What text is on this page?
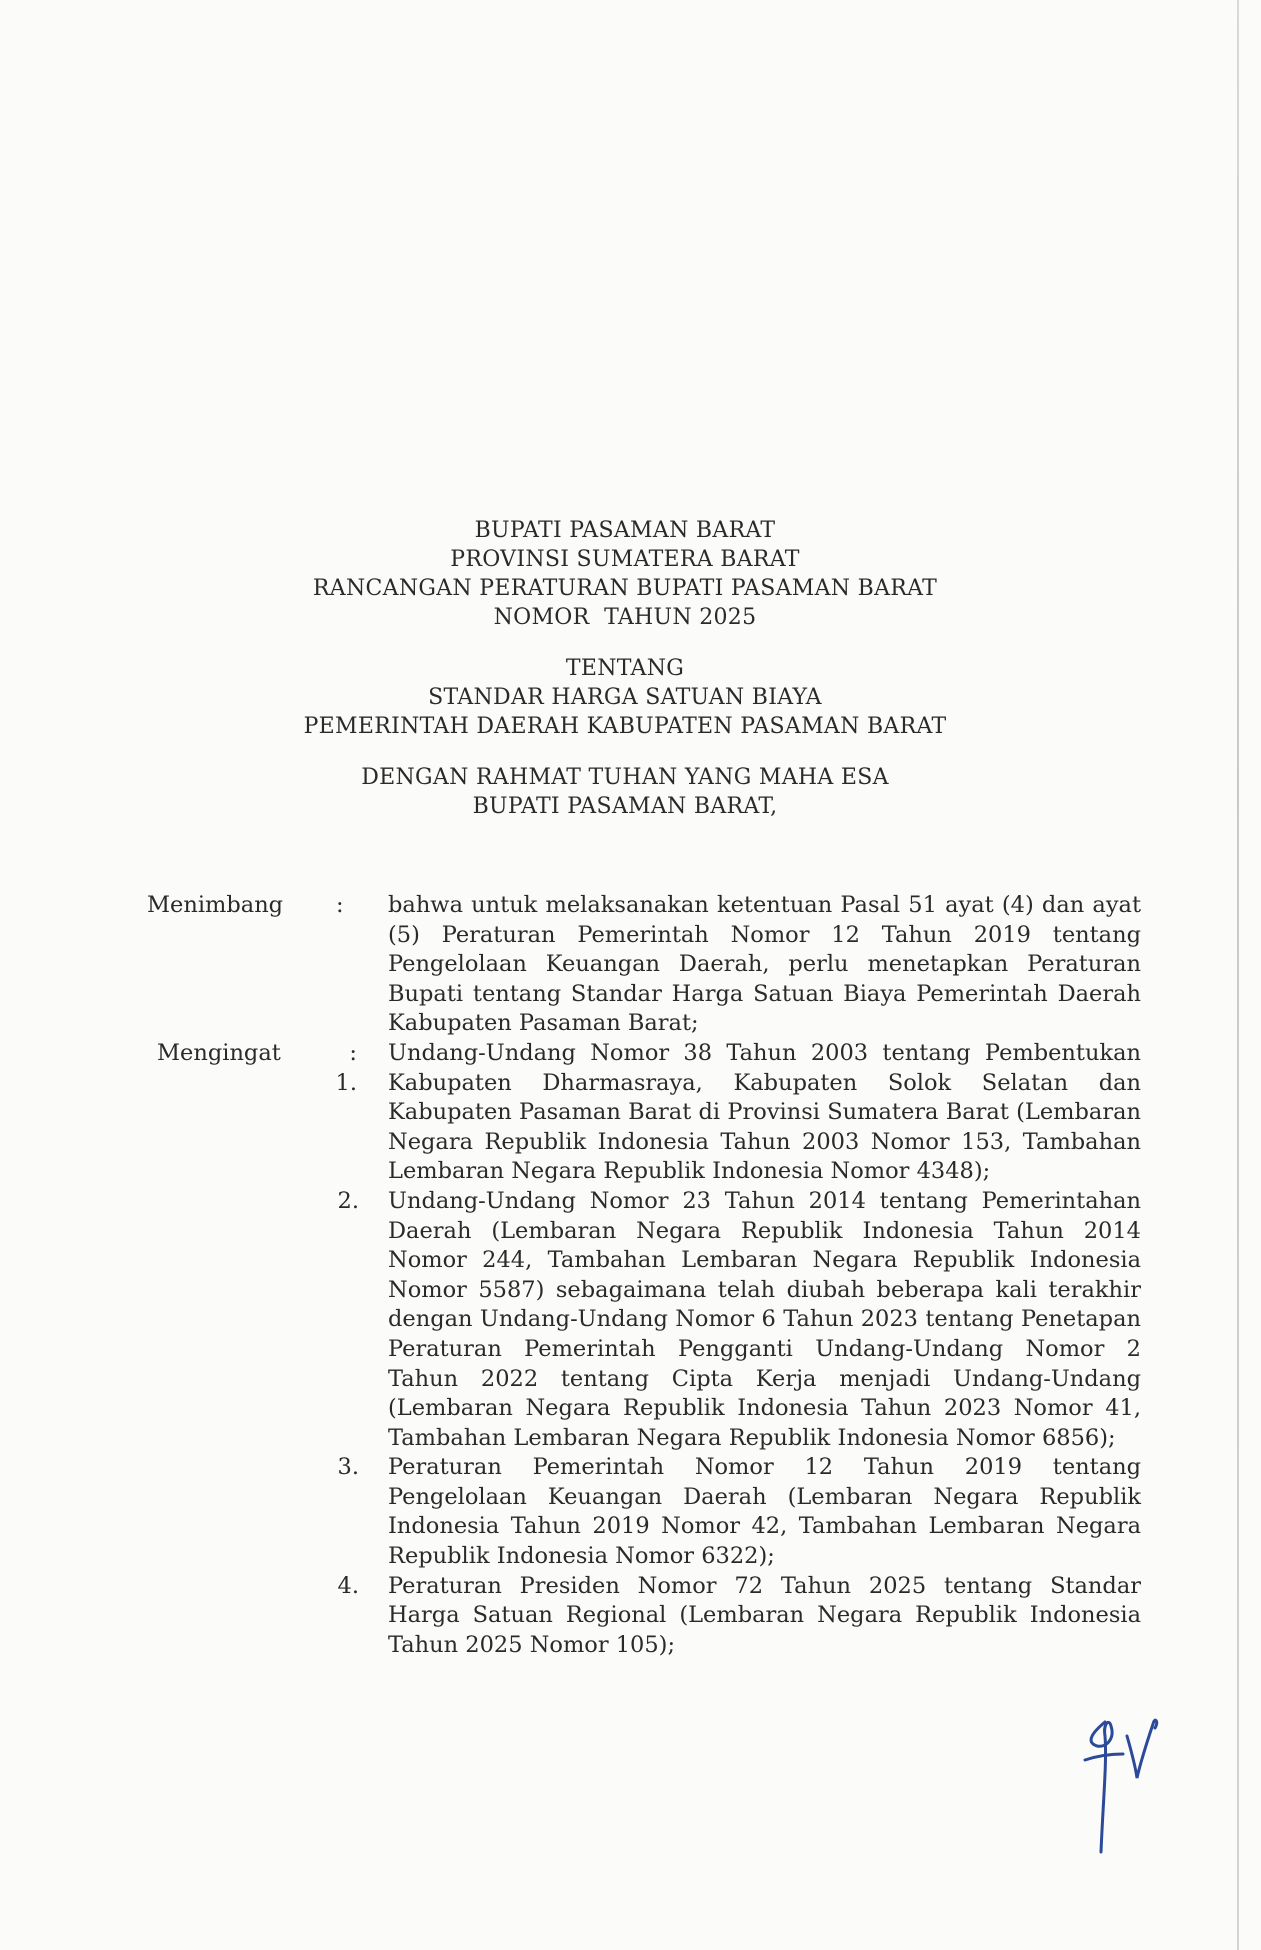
BUPATI PASAMAN BARAT
PROVINSI SUMATERA BARAT
RANCANGAN PERATURAN BUPATI PASAMAN BARAT
NOMOR  TAHUN 2025
TENTANG
STANDAR HARGA SATUAN BIAYA
PEMERINTAH DAERAH KABUPATEN PASAMAN BARAT
DENGAN RAHMAT TUHAN YANG MAHA ESA
BUPATI PASAMAN BARAT,
Menimbang : bahwa untuk melaksanakan ketentuan Pasal 51 ayat (4) dan ayat (5) Peraturan Pemerintah Nomor 12 Tahun 2019 tentang Pengelolaan Keuangan Daerah, perlu menetapkan Peraturan Bupati tentang Standar Harga Satuan Biaya Pemerintah Daerah Kabupaten Pasaman Barat;
Mengingat	: 1.
Undang-Undang Nomor 38 Tahun 2003 tentang Pembentukan Kabupaten Dharmasraya, Kabupaten Solok Selatan dan Kabupaten Pasaman Barat di Provinsi Sumatera Barat (Lembaran Negara Republik Indonesia Tahun 2003 Nomor 153, Tambahan Lembaran Negara Republik Indonesia Nomor 4348);
2. Undang-Undang Nomor 23 Tahun 2014 tentang Pemerintahan Daerah (Lembaran Negara Republik Indonesia Tahun 2014 Nomor 244, Tambahan Lembaran Negara Republik Indonesia Nomor 5587) sebagaimana telah diubah beberapa kali terakhir dengan Undang-Undang Nomor 6 Tahun 2023 tentang Penetapan Peraturan Pemerintah Pengganti Undang-Undang Nomor 2 Tahun 2022 tentang Cipta Kerja menjadi Undang-Undang (Lembaran Negara Republik Indonesia Tahun 2023 Nomor 41, Tambahan Lembaran Negara Republik Indonesia Nomor 6856);
3. Peraturan Pemerintah Nomor 12 Tahun 2019 tentang Pengelolaan Keuangan Daerah (Lembaran Negara Republik Indonesia Tahun 2019 Nomor 42, Tambahan Lembaran Negara Republik Indonesia Nomor 6322);
4. Peraturan Presiden Nomor 72 Tahun 2025 tentang Standar Harga Satuan Regional (Lembaran Negara Republik Indonesia Tahun 2025 Nomor 105);
